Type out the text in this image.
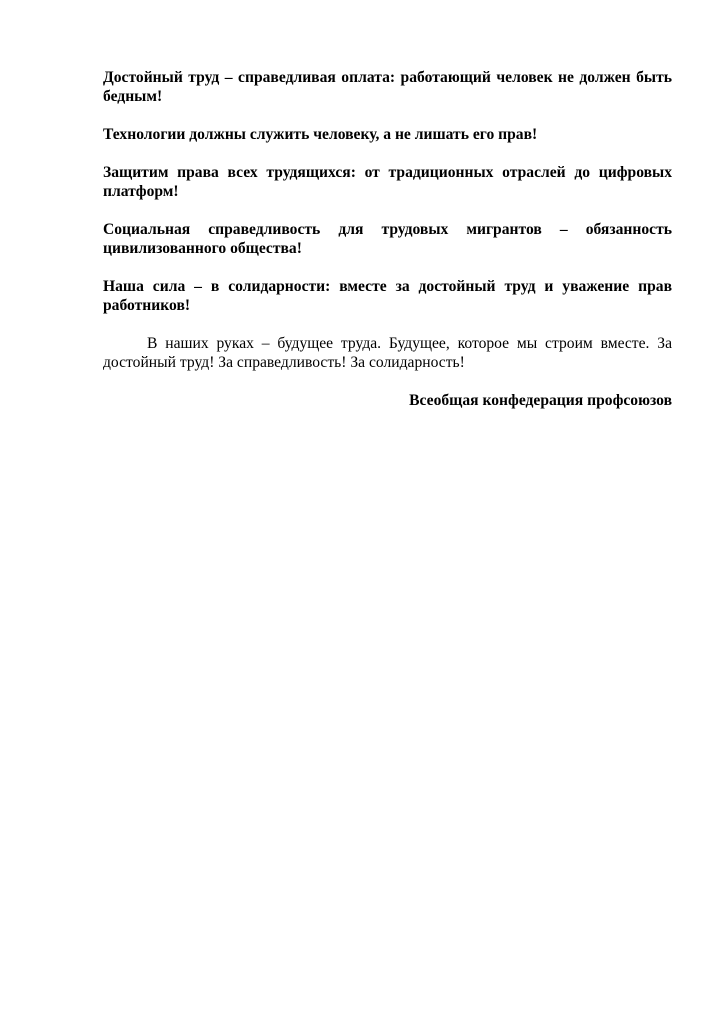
Достойный труд – справедливая оплата: работающий человек не должен быть бедным!

Технологии должны служить человеку, а не лишать его прав!

Защитим права всех трудящихся: от традиционных отраслей до цифровых платформ!

Социальная справедливость для трудовых мигрантов – обязанность цивилизованного общества!

Наша сила – в солидарности: вместе за достойный труд и уважение прав работников!

В наших руках – будущее труда. Будущее, которое мы строим вместе. За достойный труд! За справедливость! За солидарность!

Всеобщая конфедерация профсоюзов
